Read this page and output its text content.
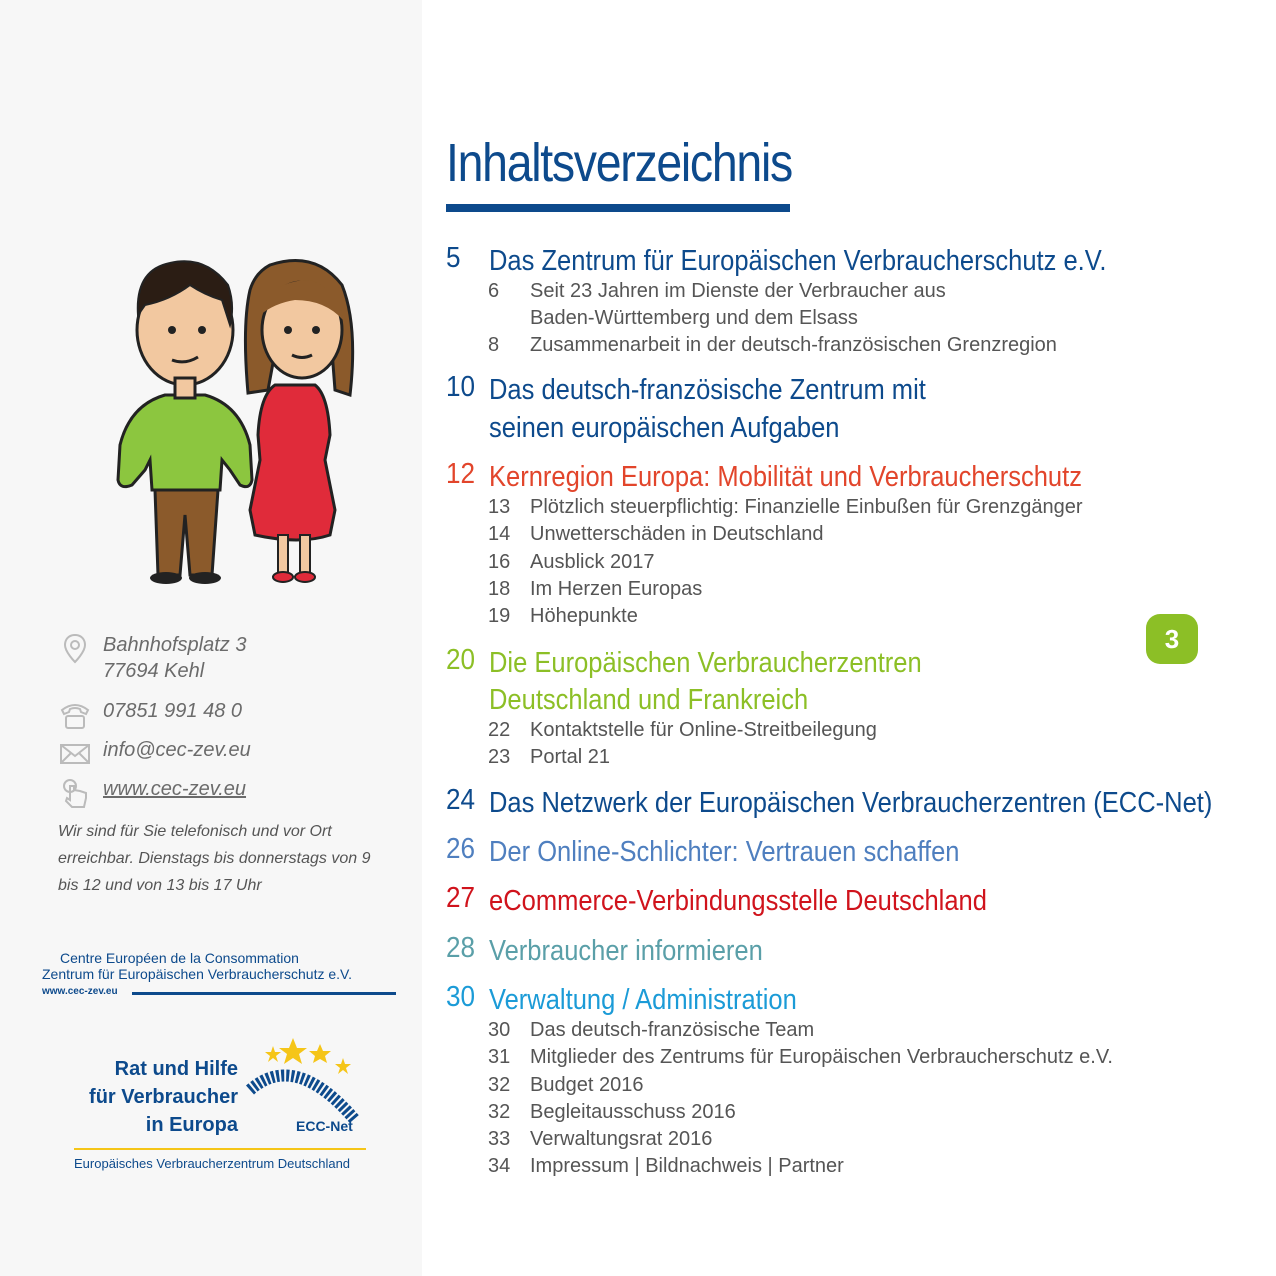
Bahnhofsplatz 3
77694 Kehl
07851 991 48 0
info@cec-zev.eu
www.cec-zev.eu
Wir sind für Sie telefonisch und vor Ort erreichbar. Dienstags bis donnerstags von 9 bis 12 und von 13 bis 17 Uhr
Centre Européen de la Consommation
Zentrum für Europäischen Verbraucherschutz e.V.
www.cec-zev.eu
Rat und Hilfe
für Verbraucher
in Europa	ECC-Net
Europäisches Verbraucherzentrum Deutschland
Inhaltsverzeichnis
5 Das Zentrum für Europäischen Verbraucherschutz e.V.
6 Seit 23 Jahren im Dienste der Verbraucher aus
Baden-Württemberg und dem Elsass
8 Zusammenarbeit in der deutsch-französischen Grenzregion
10 Das deutsch-französische Zentrum mit
seinen europäischen Aufgaben
12 Kernregion Europa: Mobilität und Verbraucherschutz
13 Plötzlich steuerpflichtig: Finanzielle Einbußen für Grenzgänger
14 Unwetterschäden in Deutschland
16 Ausblick 2017
18 Im Herzen Europas
19 Höhepunkte
20 Die Europäischen Verbraucherzentren
Deutschland und Frankreich
22 Kontaktstelle für Online-Streitbeilegung
23 Portal 21
24 Das Netzwerk der Europäischen Verbraucherzentren (ECC-Net)
26 Der Online-Schlichter: Vertrauen schaffen
27 eCommerce-Verbindungsstelle Deutschland
28 Verbraucher informieren
30 Verwaltung / Administration
30 Das deutsch-französische Team
31 Mitglieder des Zentrums für Europäischen Verbraucherschutz e.V.
32 Budget 2016
32 Begleitausschuss 2016
33 Verwaltungsrat 2016
34 Impressum | Bildnachweis | Partner
3
